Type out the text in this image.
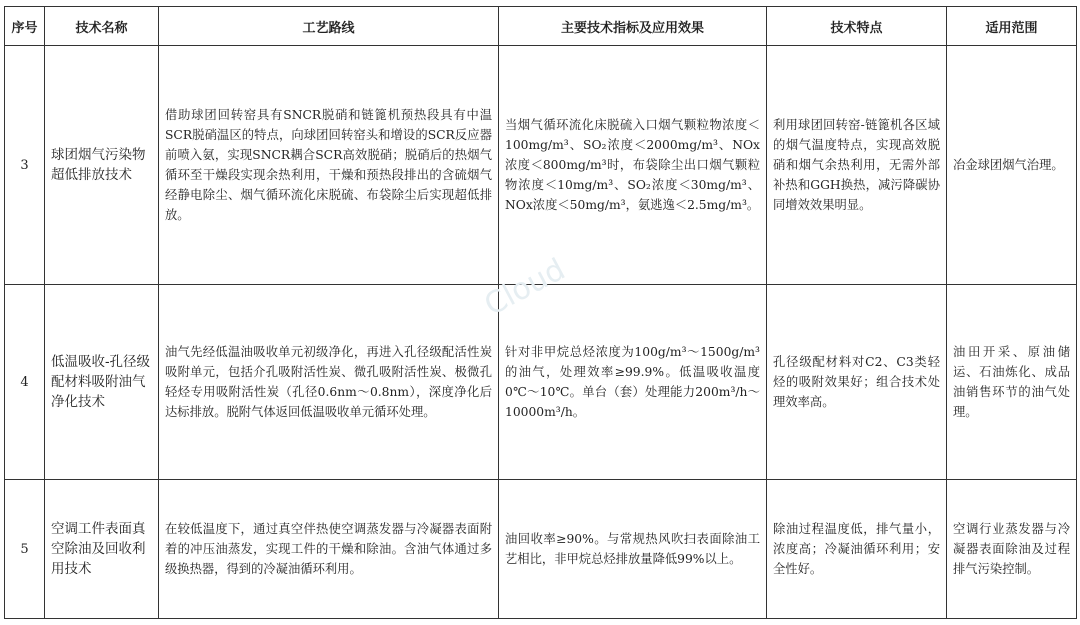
序号	技术名称	工艺路线	主要技术指标及应用效果	技术特点	适用范围
3	球团烟气污染物超低排放技术	借助球团回转窑具有SNCR脱硝和链篦机预热段具有中温SCR脱硝温区的特点，向球团回转窑头和增设的SCR反应器前喷入氨，实现SNCR耦合SCR高效脱硝；脱硝后的热烟气循环至干燥段实现余热利用，干燥和预热段排出的含硫烟气经静电除尘、烟气循环流化床脱硫、布袋除尘后实现超低排放。	当烟气循环流化床脱硫入口烟气颗粒物浓度＜100mg/m³、SO₂浓度＜2000mg/m³、NOx浓度＜800mg/m³时，布袋除尘出口烟气颗粒物浓度＜10mg/m³、SO₂浓度＜30mg/m³、NOx浓度＜50mg/m³，氨逃逸＜2.5mg/m³。	利用球团回转窑-链篦机各区域的烟气温度特点，实现高效脱硝和烟气余热利用，无需外部补热和GGH换热，减污降碳协同增效效果明显。	冶金球团烟气治理。
4	低温吸收-孔径级配材料吸附油气净化技术	油气先经低温油吸收单元初级净化，再进入孔径级配活性炭吸附单元，包括介孔吸附活性炭、微孔吸附活性炭、极微孔轻烃专用吸附活性炭（孔径0.6nm～0.8nm），深度净化后达标排放。脱附气体返回低温吸收单元循环处理。	针对非甲烷总烃浓度为100g/m³～1500g/m³的油气，处理效率≥99.9%。低温吸收温度0℃～10℃。单台（套）处理能力200m³/h～10000m³/h。	孔径级配材料对C2、C3类轻烃的吸附效果好；组合技术处理效率高。	油田开采、原油储运、石油炼化、成品油销售环节的油气处理。
5	空调工件表面真空除油及回收利用技术	在较低温度下，通过真空伴热使空调蒸发器与冷凝器表面附着的冲压油蒸发，实现工件的干燥和除油。含油气体通过多级换热器，得到的冷凝油循环利用。	油回收率≥90%。与常规热风吹扫表面除油工艺相比，非甲烷总烃排放量降低99%以上。	除油过程温度低，排气量小，浓度高；冷凝油循环利用；安全性好。	空调行业蒸发器与冷凝器表面除油及过程排气污染控制。
Cloud
